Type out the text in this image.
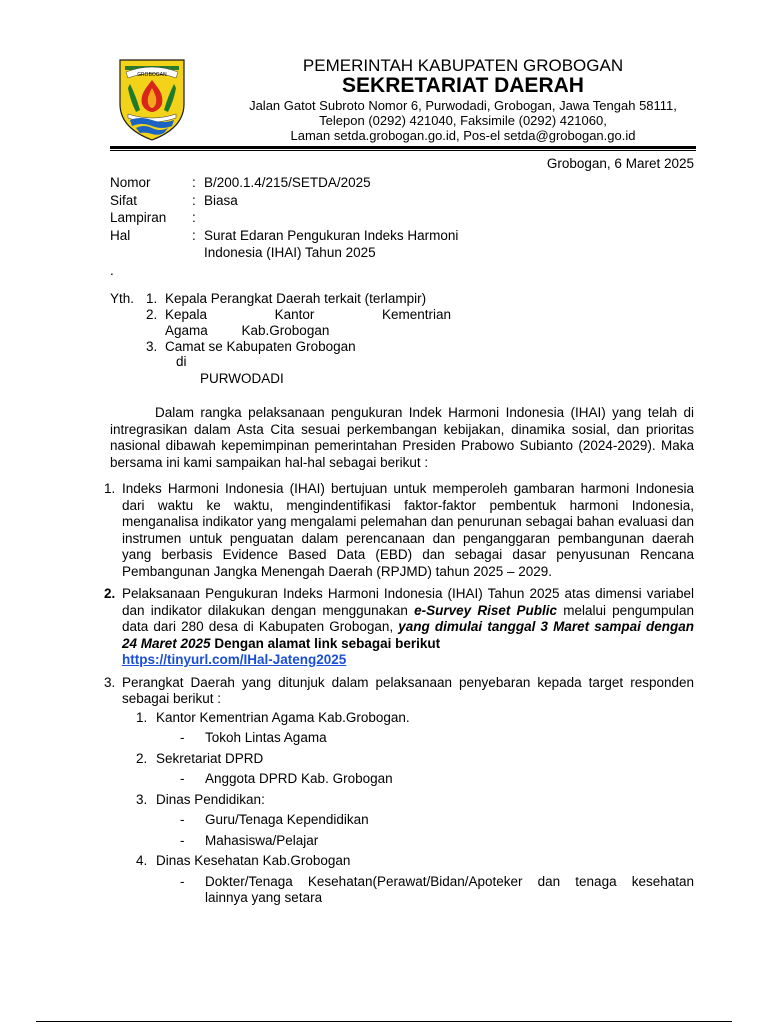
GROBOGAN	PEMERINTAH KABUPATEN GROBOGAN
SEKRETARIAT DAERAH
Jalan Gatot Subroto Nomor 6, Purwodadi, Grobogan, Jawa Tengah 58111,
Telepon (0292) 421040, Faksimile (0292) 421060,
Laman setda.grobogan.go.id, Pos-el setda@grobogan.go.id
Grobogan, 6 Maret 2025
Nomor	: B/200.1.4/215/SETDA/2025
Sifat	: Biasa
Lampiran	:
Hal	: Surat Edaran Pengukuran Indeks Harmoni Indonesia (IHAI) Tahun 2025
.
Yth. 1. Kepala Perangkat Daerah terkait (terlampir)
2. Kepala Kantor Kementrian Agama Kab.Grobogan
3. Camat se Kabupaten Grobogan
di
PURWODADI

Dalam rangka pelaksanaan pengukuran Indek Harmoni Indonesia (IHAI) yang telah di intregrasikan dalam Asta Cita sesuai perkembangan kebijakan, dinamika sosial, dan prioritas nasional dibawah kepemimpinan pemerintahan Presiden Prabowo Subianto (2024-2029). Maka bersama ini kami sampaikan hal-hal sebagai berikut :

1. Indeks Harmoni Indonesia (IHAI) bertujuan untuk memperoleh gambaran harmoni Indonesia dari waktu ke waktu, mengindentifikasi faktor-faktor pembentuk harmoni Indonesia, menganalisa indikator yang mengalami pelemahan dan penurunan sebagai bahan evaluasi dan instrumen untuk penguatan dalam perencanaan dan penganggaran pembangunan daerah yang berbasis Evidence Based Data (EBD) dan sebagai dasar penyusunan Rencana Pembangunan Jangka Menengah Daerah (RPJMD) tahun 2025 – 2029.
2. Pelaksanaan Pengukuran Indeks Harmoni Indonesia (IHAI) Tahun 2025 atas dimensi variabel dan indikator dilakukan dengan menggunakan e-Survey Riset Public melalui pengumpulan data dari 280 desa di Kabupaten Grobogan, yang dimulai tanggal 3 Maret sampai dengan 24 Maret 2025 Dengan alamat link sebagai berikut
https://tinyurl.com/IHal-Jateng2025
3. Perangkat Daerah yang ditunjuk dalam pelaksanaan penyebaran kepada target responden sebagai berikut :
1. Kantor Kementrian Agama Kab.Grobogan.
-	Tokoh Lintas Agama
2. Sekretariat DPRD
-	Anggota DPRD Kab. Grobogan
3. Dinas Pendidikan:
-	Guru/Tenaga Kependidikan
-	Mahasiswa/Pelajar
4. Dinas Kesehatan Kab.Grobogan
-	Dokter/Tenaga Kesehatan(Perawat/Bidan/Apoteker dan tenaga kesehatan lainnya yang setara
